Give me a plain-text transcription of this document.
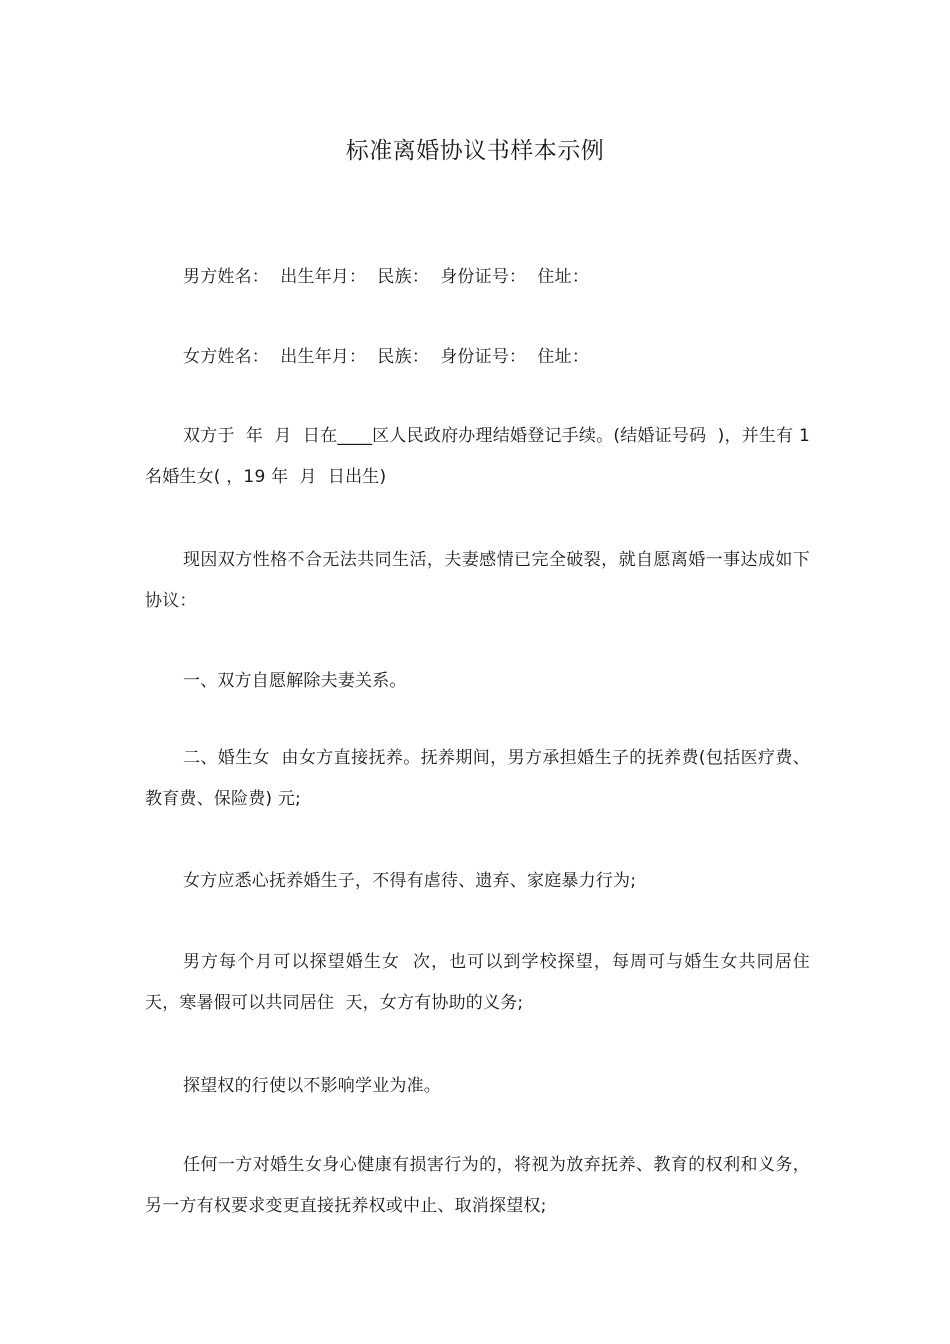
标准离婚协议书样本示例

男方姓名：  出生年月：  民族：  身份证号：  住址：

女方姓名：  出生年月：  民族：  身份证号：  住址：

双方于  年  月  日在____区人民政府办理结婚登记手续。(结婚证号码  )，并生有 1 名婚生女( ，19 年  月  日出生)

现因双方性格不合无法共同生活，夫妻感情已完全破裂，就自愿离婚一事达成如下协议：

一、双方自愿解除夫妻关系。

二、婚生女  由女方直接抚养。抚养期间，男方承担婚生子的抚养费(包括医疗费、教育费、保险费) 元;

女方应悉心抚养婚生子，不得有虐待、遗弃、家庭暴力行为;

男方每个月可以探望婚生女  次，也可以到学校探望，每周可与婚生女共同居住  天，寒暑假可以共同居住  天，女方有协助的义务;

探望权的行使以不影响学业为准。

任何一方对婚生女身心健康有损害行为的，将视为放弃抚养、教育的权利和义务，另一方有权要求变更直接抚养权或中止、取消探望权;
